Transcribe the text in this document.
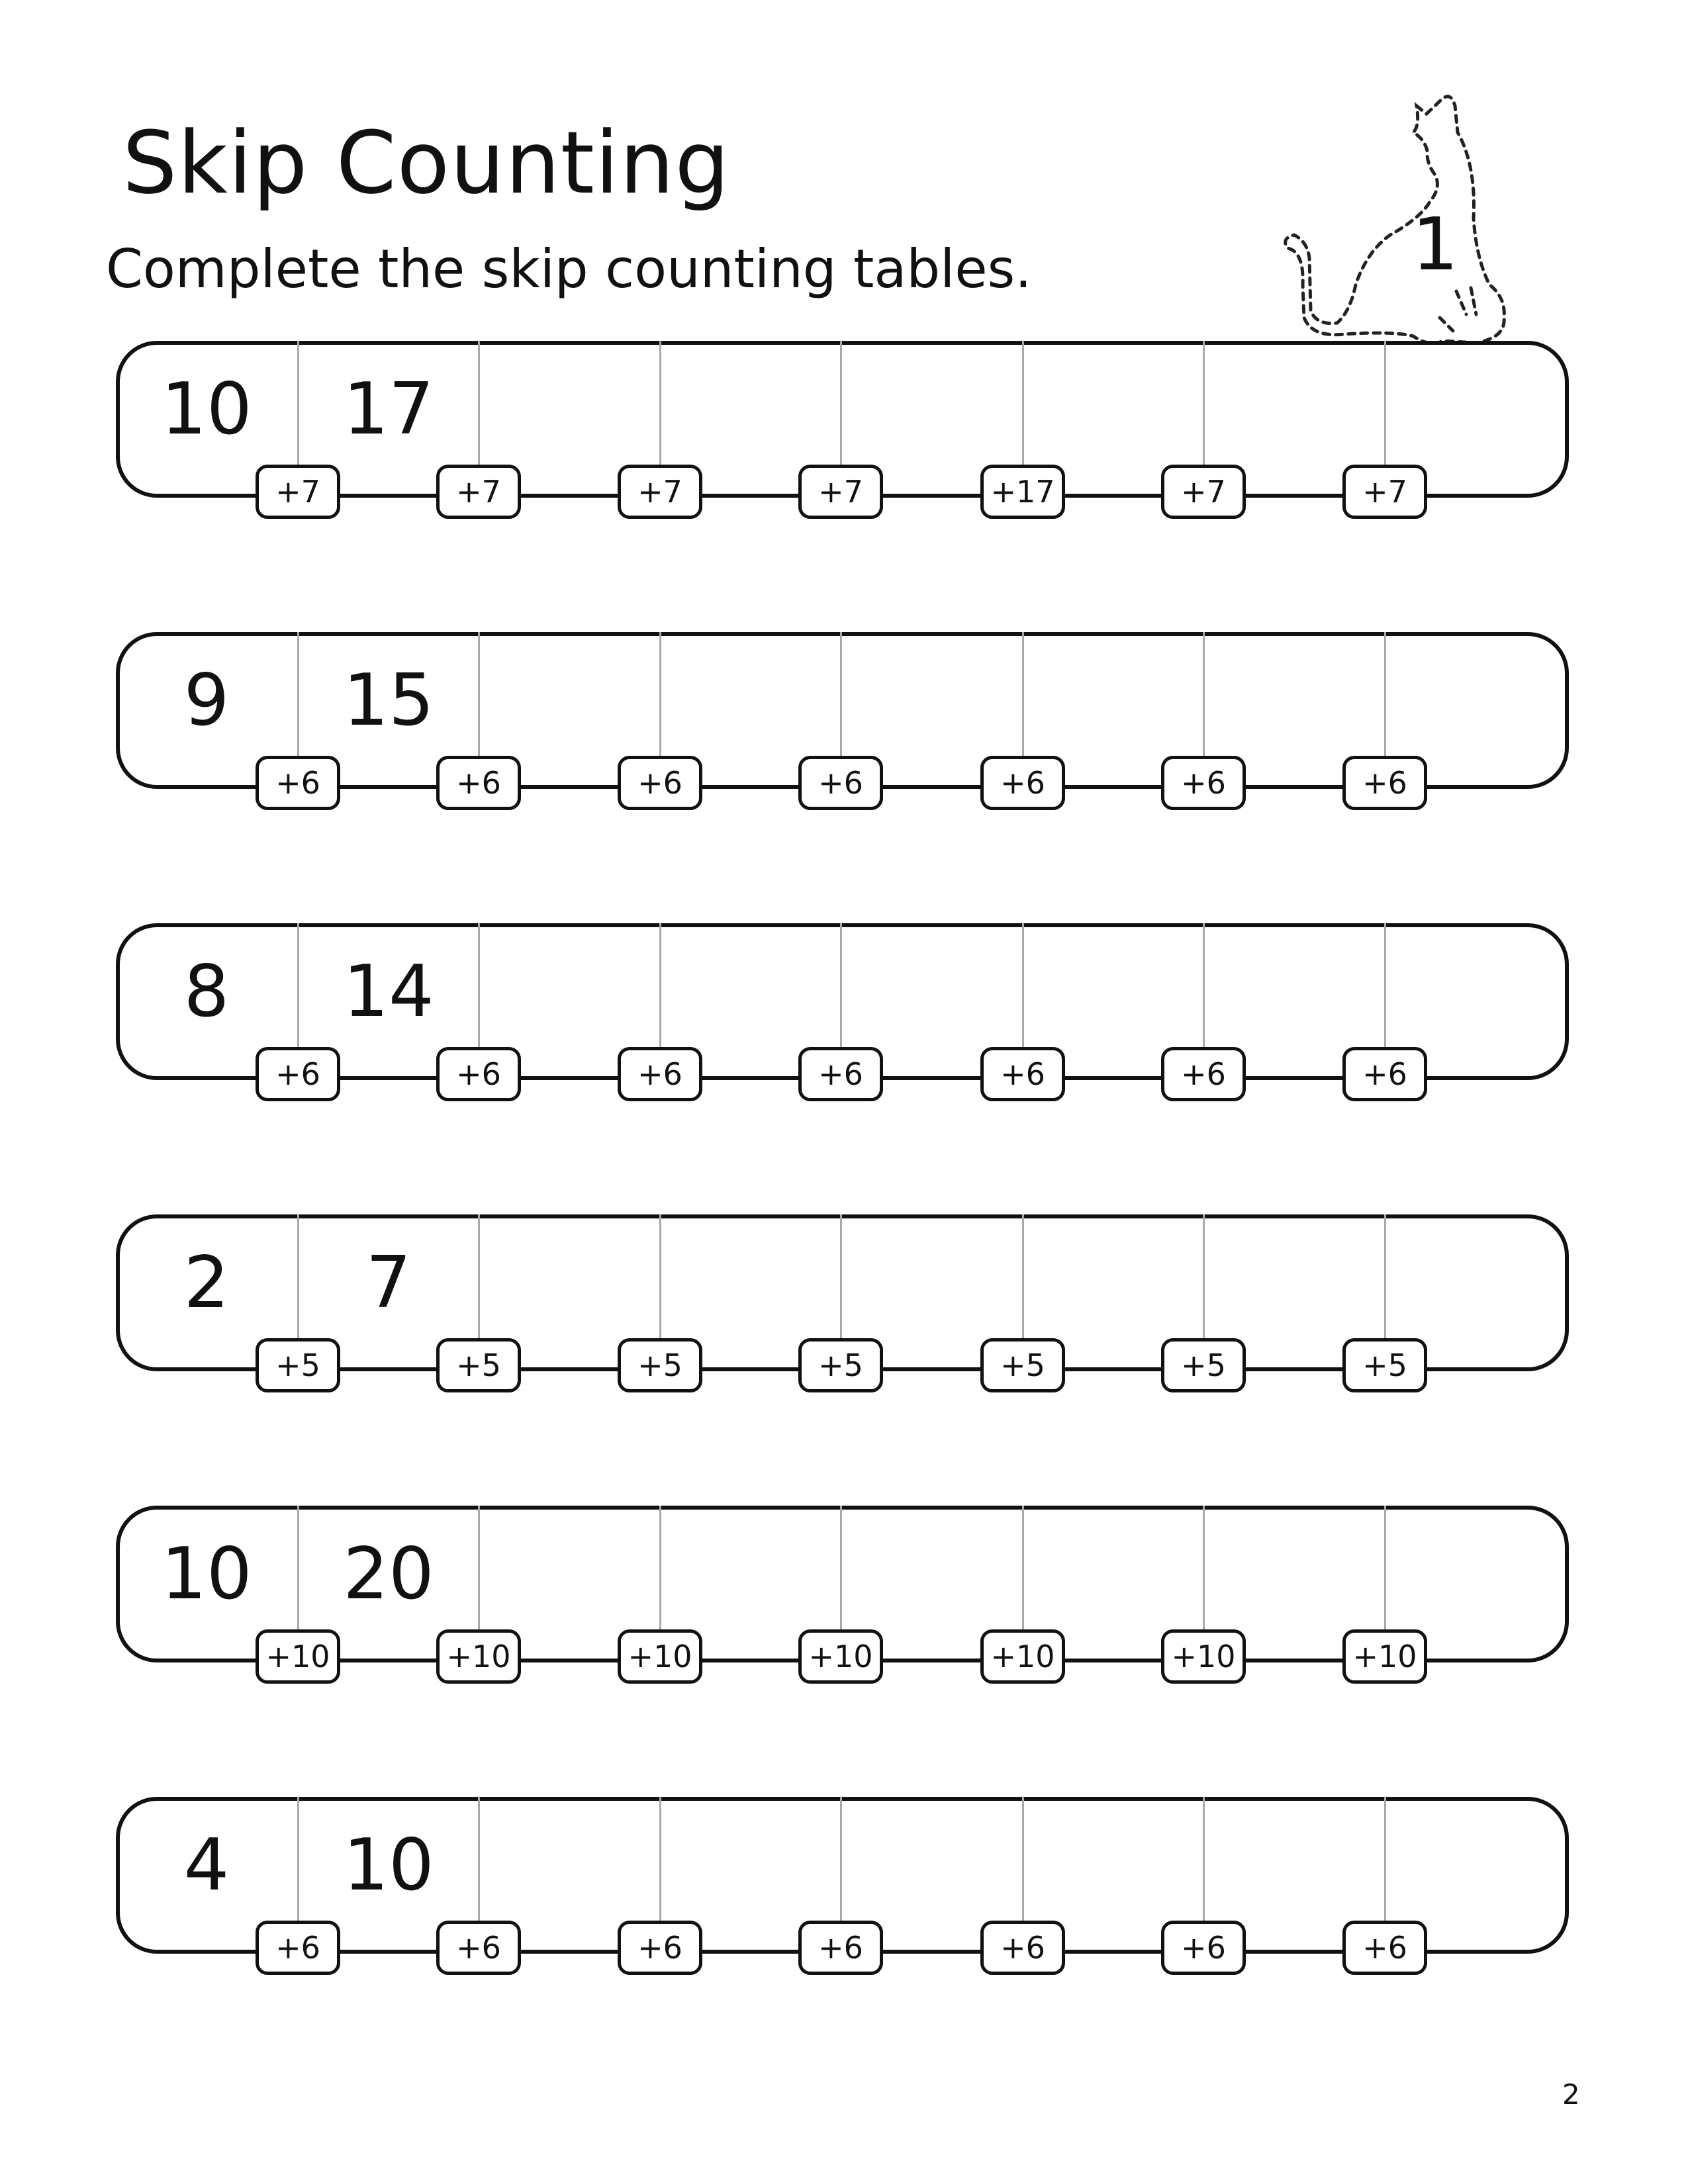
Skip Counting
Complete the skip counting tables.	1
10	17
+7	+7	+7	+7	+17	+7	+7
9	15
+6	+6	+6	+6	+6	+6	+6
8	14
+6	+6	+6	+6	+6	+6	+6
2	7
+5	+5	+5	+5	+5	+5	+5
10	20
+10	+10	+10	+10	+10	+10	+10
4	10
+6	+6	+6	+6	+6	+6	+6
2
